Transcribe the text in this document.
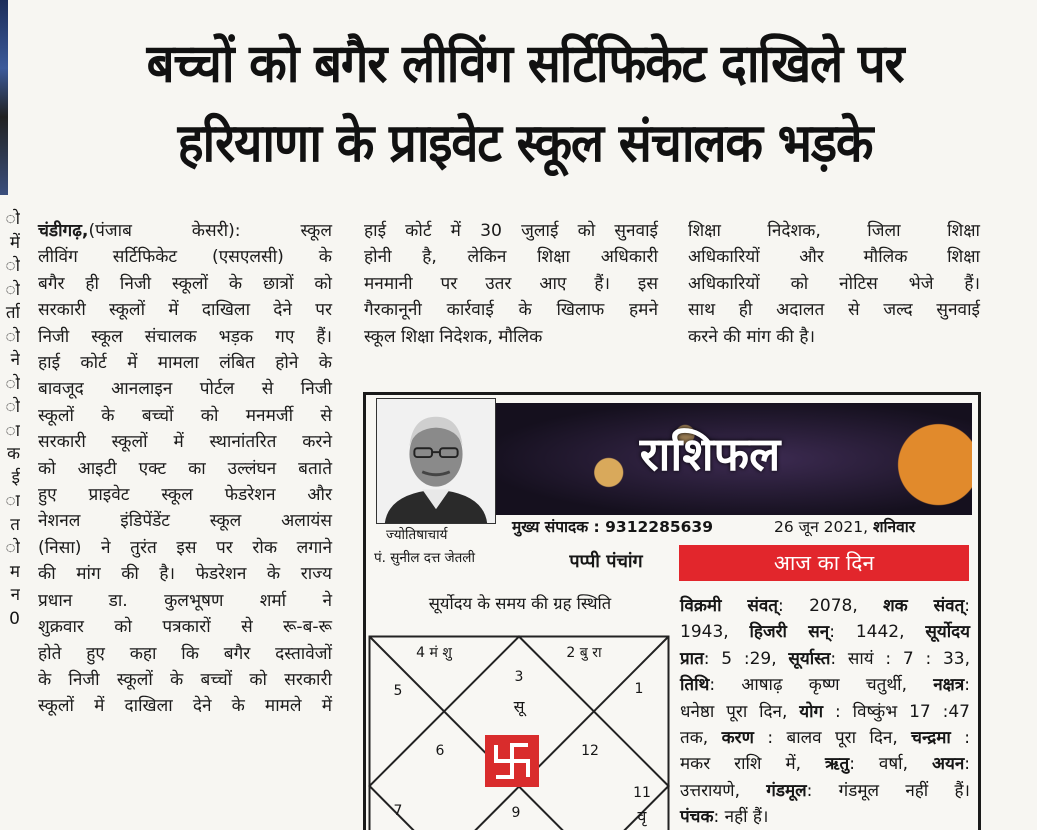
ो
में
ो
ो
र्ता
ो
ने
ो
ो
ा
क
ई
ा
त
ो
म
न
0
बच्चों को बगैर लीविंग सर्टिफिकेट दाखिले पर
हरियाणा के प्राइवेट स्कूल संचालक भड़के
चंडीगढ़,(पंजाब केसरी): स्कूल
लीविंग सर्टिफिकेट (एसएलसी) के
बगैर ही निजी स्कूलों के छात्रों को
सरकारी स्कूलों में दाखिला देने पर
निजी स्कूल संचालक भड़क गए हैं।
हाई कोर्ट में मामला लंबित होने के
बावजूद आनलाइन पोर्टल से निजी
स्कूलों के बच्चों को मनमर्जी से
सरकारी स्कूलों में स्थानांतरित करने
को आइटी एक्ट का उल्लंघन बताते
हुए प्राइवेट स्कूल फेडरेशन और
नेशनल इंडिपेंडेंट स्कूल अलायंस
(निसा) ने तुरंत इस पर रोक लगाने
की मांग की है। फेडरेशन के राज्य
प्रधान डा. कुलभूषण शर्मा ने
शुक्रवार को पत्रकारों से रू-ब-रू
होते हुए कहा कि बगैर दस्तावेजों
के निजी स्कूलों के बच्चों को सरकारी
स्कूलों में दाखिला देने के मामले में
हाई कोर्ट में 30 जुलाई को सुनवाई
होनी है, लेकिन शिक्षा अधिकारी
मनमानी पर उतर आए हैं। इस
गैरकानूनी कार्रवाई के खिलाफ हमने
स्कूल शिक्षा निदेशक, मौलिक
शिक्षा निदेशक, जिला शिक्षा
अधिकारियों और मौलिक शिक्षा
अधिकारियों को नोटिस भेजे हैं।
साथ ही अदालत से जल्द सुनवाई
करने की मांग की है।
राशिफल
ज्योतिषाचार्य
पं. सुनील दत्त जेतली
मुख्य संपादक : 9312285639	26 जून 2021, शनिवार
पप्पी पंचांग	आज का दिन
सूर्योदय के समय की ग्रह स्थिति
4 मं शु	2 बु रा
3
सू
5	1
6	12
7	9
11
वृ
विक्रमी संवत्: 2078, शक संवत्:
1943, हिजरी सन्: 1442, सूर्योदय
प्रात: 5 :29, सूर्यास्त: सायं : 7 : 33,
तिथि: आषाढ़ कृष्ण चतुर्थी, नक्षत्र:
धनेष्ठा पूरा दिन, योग : विष्कुंभ 17 :47
तक, करण : बालव पूरा दिन, चन्द्रमा :
मकर राशि में, ऋतु: वर्षा, अयन:
उत्तरायणे, गंडमूल: गंडमूल नहीं हैं।
पंचक: नहीं हैं।
